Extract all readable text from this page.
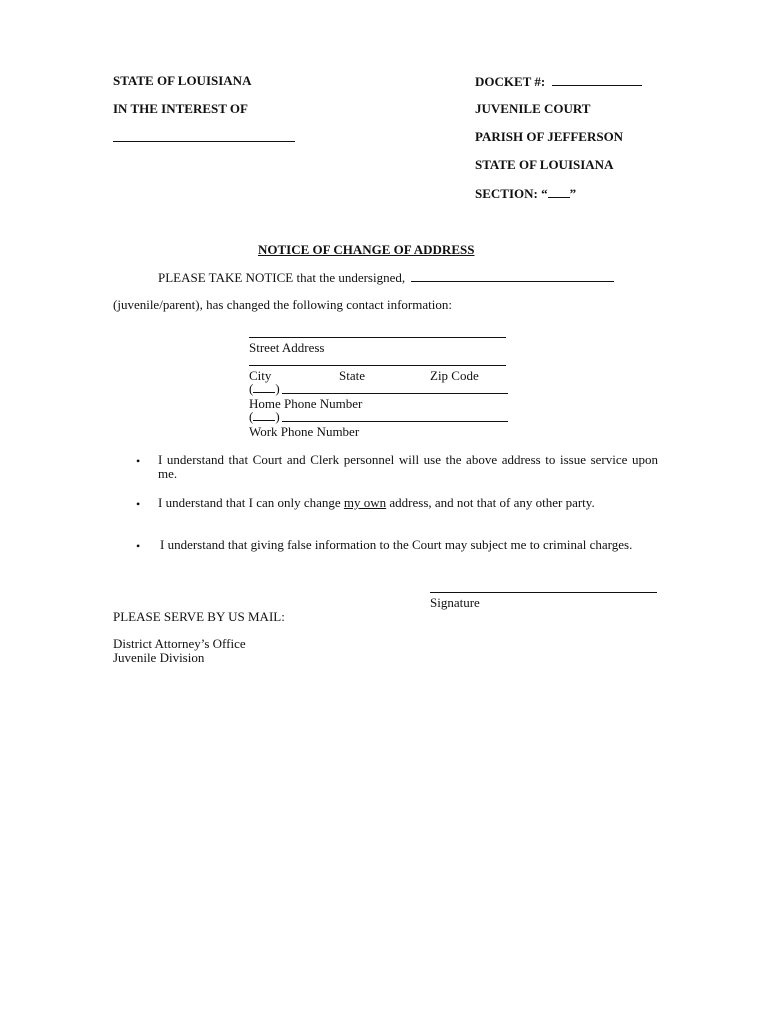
STATE OF LOUISIANA
IN THE INTEREST OF
DOCKET #:
JUVENILE COURT
PARISH OF JEFFERSON
STATE OF LOUISIANA
SECTION: “ ”
NOTICE OF CHANGE OF ADDRESS
PLEASE TAKE NOTICE that the undersigned,
(juvenile/parent), has changed the following contact information:
Street Address
City	State	Zip Code
( )
Home Phone Number
( )
Work Phone Number
• I understand that Court and Clerk personnel will use the above address to issue service upon me.
• I understand that I can only change my own address, and not that of any other party.
• I understand that giving false information to the Court may subject me to criminal charges.
Signature
PLEASE SERVE BY US MAIL:
District Attorney’s Office
Juvenile Division
